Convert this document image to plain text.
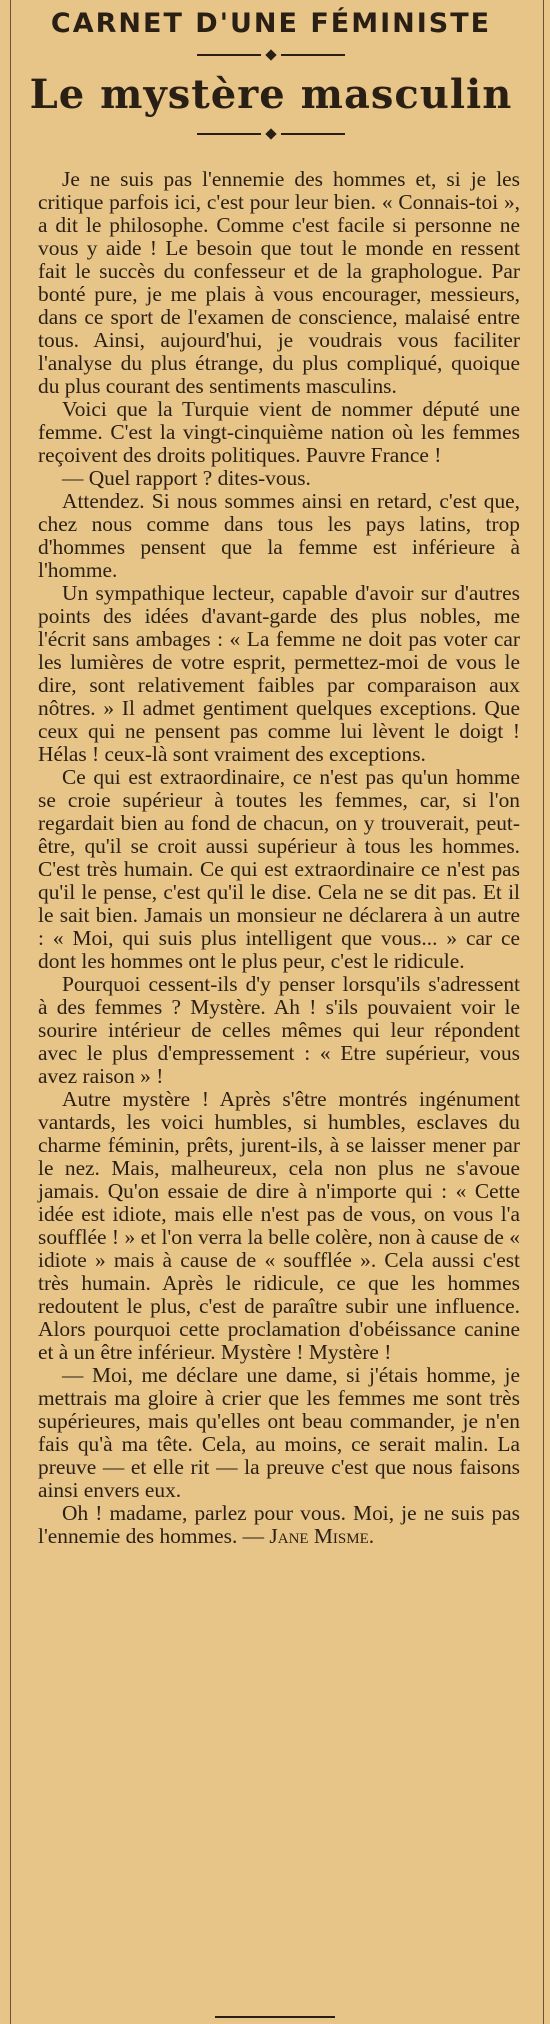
CARNET D'UNE FÉMINISTE
Le mystère masculin

Je ne suis pas l'ennemie des hommes et, si je les critique parfois ici, c'est pour leur bien. « Connais-toi », a dit le philosophe. Comme c'est facile si personne ne vous y aide ! Le besoin que tout le monde en ressent fait le succès du confesseur et de la graphologue. Par bonté pure, je me plais à vous encourager, messieurs, dans ce sport de l'examen de conscience, malaisé entre tous. Ainsi, aujourd'hui, je voudrais vous faciliter l'analyse du plus étrange, du plus compliqué, quoique du plus courant des sentiments masculins.

Voici que la Turquie vient de nommer député une femme. C'est la vingt-cinquième nation où les femmes reçoivent des droits politiques. Pauvre France !

— Quel rapport ? dites-vous.

Attendez. Si nous sommes ainsi en retard, c'est que, chez nous comme dans tous les pays latins, trop d'hommes pensent que la femme est inférieure à l'homme.

Un sympathique lecteur, capable d'avoir sur d'autres points des idées d'avant-garde des plus nobles, me l'écrit sans ambages : « La femme ne doit pas voter car les lumières de votre esprit, permettez-moi de vous le dire, sont relativement faibles par comparaison aux nôtres. » Il admet gentiment quelques exceptions. Que ceux qui ne pensent pas comme lui lèvent le doigt ! Hélas ! ceux-là sont vraiment des exceptions.

Ce qui est extraordinaire, ce n'est pas qu'un homme se croie supérieur à toutes les femmes, car, si l'on regardait bien au fond de chacun, on y trouverait, peut-être, qu'il se croit aussi supérieur à tous les hommes. C'est très humain. Ce qui est extraordinaire ce n'est pas qu'il le pense, c'est qu'il le dise. Cela ne se dit pas. Et il le sait bien. Jamais un monsieur ne déclarera à un autre : « Moi, qui suis plus intelligent que vous... » car ce dont les hommes ont le plus peur, c'est le ridicule.

Pourquoi cessent-ils d'y penser lorsqu'ils s'adressent à des femmes ? Mystère. Ah ! s'ils pouvaient voir le sourire intérieur de celles mêmes qui leur répondent avec le plus d'empressement : « Etre supérieur, vous avez raison » !

Autre mystère ! Après s'être montrés ingénument vantards, les voici humbles, si humbles, esclaves du charme féminin, prêts, jurent-ils, à se laisser mener par le nez. Mais, malheureux, cela non plus ne s'avoue jamais. Qu'on essaie de dire à n'importe qui : « Cette idée est idiote, mais elle n'est pas de vous, on vous l'a soufflée ! » et l'on verra la belle colère, non à cause de « idiote » mais à cause de « soufflée ». Cela aussi c'est très humain. Après le ridicule, ce que les hommes redoutent le plus, c'est de paraître subir une influence. Alors pourquoi cette proclamation d'obéissance canine et à un être inférieur. Mystère ! Mystère !

— Moi, me déclare une dame, si j'étais homme, je mettrais ma gloire à crier que les femmes me sont très supérieures, mais qu'elles ont beau commander, je n'en fais qu'à ma tête. Cela, au moins, ce serait malin. La preuve — et elle rit — la preuve c'est que nous faisons ainsi envers eux.

Oh ! madame, parlez pour vous. Moi, je ne suis pas l'ennemie des hommes. — Jane Misme.
